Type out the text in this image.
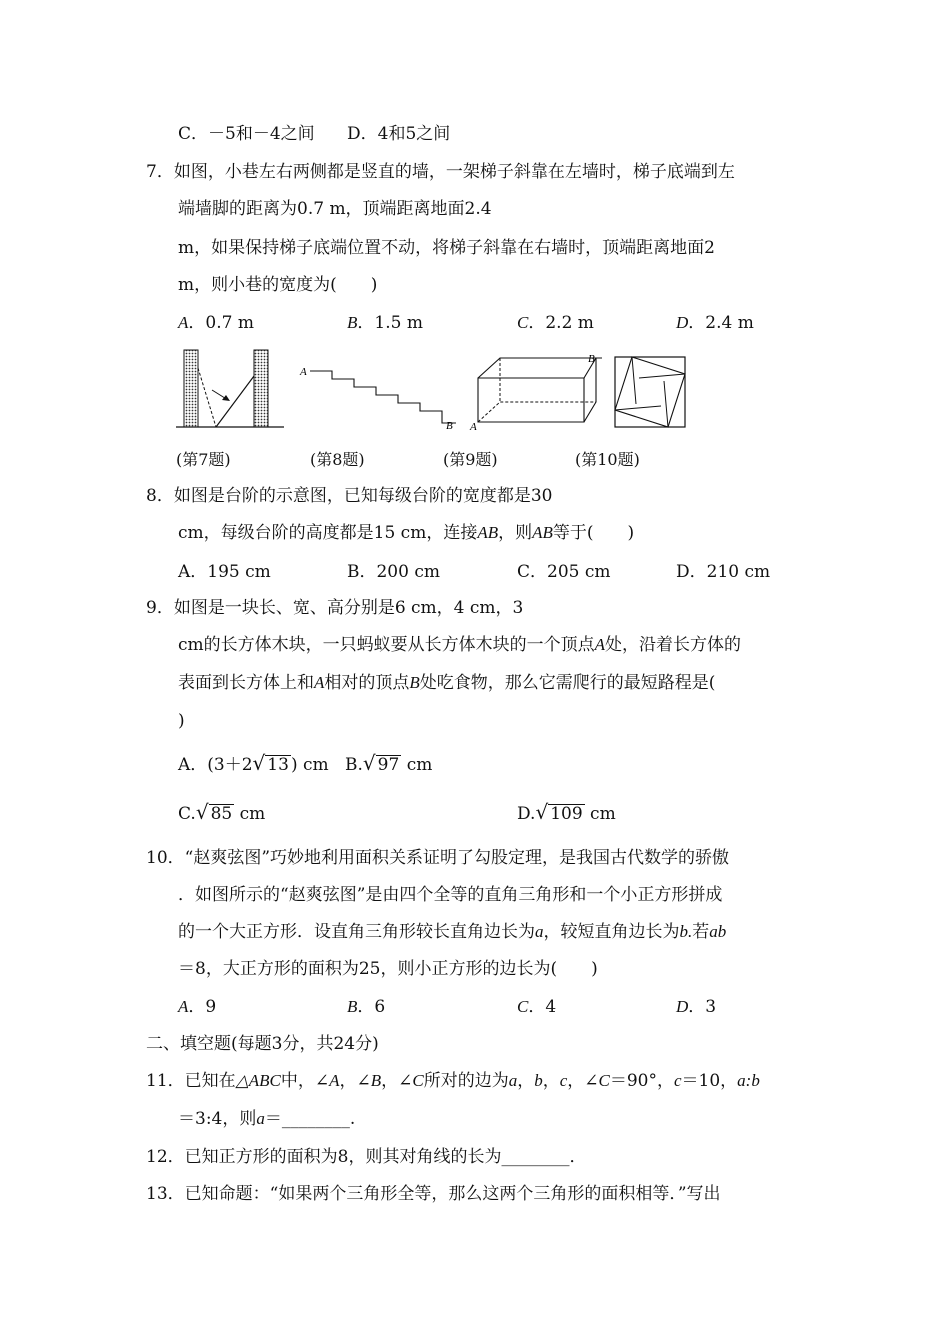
C．－5和－4之间 D．4和5之间
7．如图，小巷左右两侧都是竖直的墙，一架梯子斜靠在左墙时，梯子底端到左
端墙脚的距离为0.7 m，顶端距离地面2.4
m，如果保持梯子底端位置不动，将梯子斜靠在右墙时，顶端距离地面2
m，则小巷的宽度为(　　)
A．0.7 m	B．1.5 m	C．2.2 m	D．2.4 m
A
B A
B
(第7题)	(第8题)	(第9题)	(第10题)
8．如图是台阶的示意图，已知每级台阶的宽度都是30
cm，每级台阶的高度都是15 cm，连接AB，则AB等于(　　)
A．195 cm	B．200 cm	C．205 cm	D．210 cm
9．如图是一块长、宽、高分别是6 cm，4 cm，3
cm的长方体木块，一只蚂蚁要从长方体木块的一个顶点A处，沿着长方体的
表面到长方体上和A相对的顶点B处吃食物，那么它需爬行的最短路程是(
)
A．(3＋2√ 13 ) cm B.√ 97 cm
C.√ 85 cm	D.√ 109 cm
10．“赵爽弦图”巧妙地利用面积关系证明了勾股定理，是我国古代数学的骄傲
．如图所示的“赵爽弦图”是由四个全等的直角三角形和一个小正方形拼成
的一个大正方形．设直角三角形较长直角边长为a，较短直角边长为b.若ab
＝8，大正方形的面积为25，则小正方形的边长为(　　)
A．9	B．6	C．4	D．3
二、填空题(每题3分，共24分)
11．已知在△ABC中，∠A，∠B，∠C所对的边为a，b，c，∠C＝90°，c＝10，a:b
＝3:4，则a＝________.
12．已知正方形的面积为8，则其对角线的长为________．
13．已知命题：“如果两个三角形全等，那么这两个三角形的面积相等．”写出
